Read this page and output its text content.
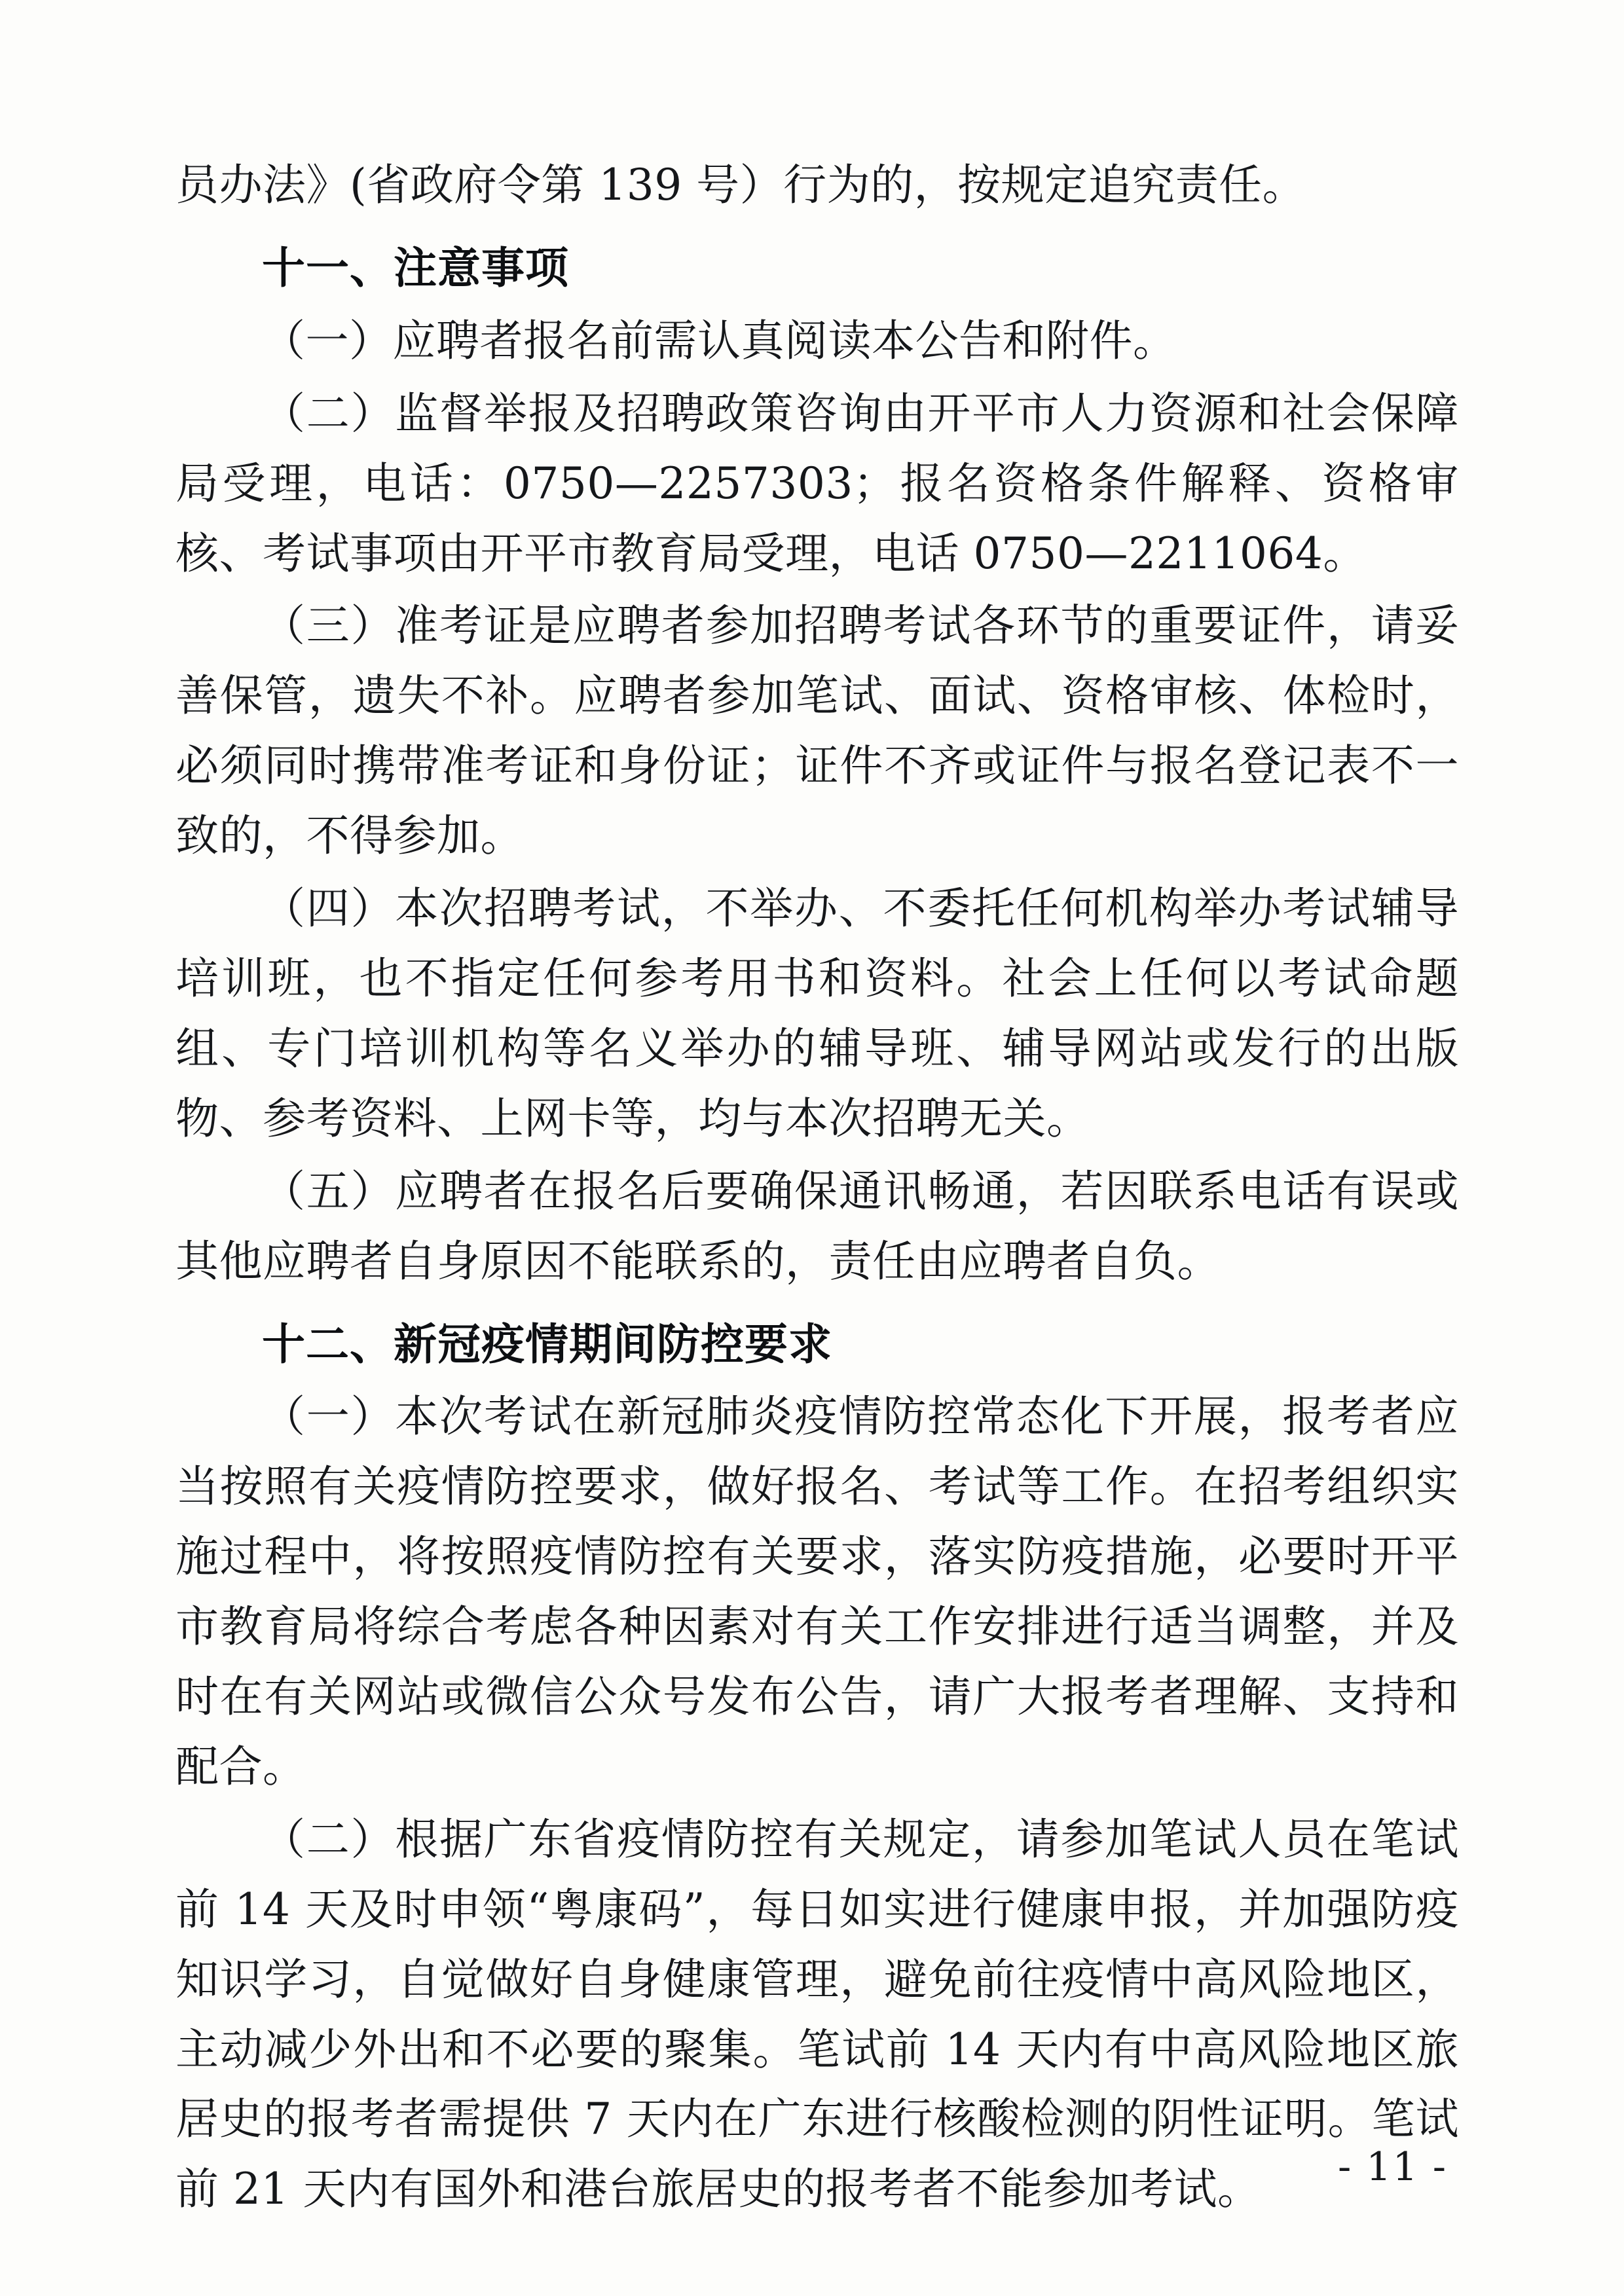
员办法》(省政府令第 139 号）行为的，按规定追究责任。

十一、注意事项

（一）应聘者报名前需认真阅读本公告和附件。

（二）监督举报及招聘政策咨询由开平市人力资源和社会保障局受理，电话：0750—2257303；报名资格条件解释、资格审核、考试事项由开平市教育局受理，电话 0750—2211064。

（三）准考证是应聘者参加招聘考试各环节的重要证件，请妥善保管，遗失不补。应聘者参加笔试、面试、资格审核、体检时，必须同时携带准考证和身份证；证件不齐或证件与报名登记表不一致的，不得参加。

（四）本次招聘考试，不举办、不委托任何机构举办考试辅导培训班，也不指定任何参考用书和资料。社会上任何以考试命题组、专门培训机构等名义举办的辅导班、辅导网站或发行的出版物、参考资料、上网卡等，均与本次招聘无关。

（五）应聘者在报名后要确保通讯畅通，若因联系电话有误或其他应聘者自身原因不能联系的，责任由应聘者自负。

十二、新冠疫情期间防控要求

（一）本次考试在新冠肺炎疫情防控常态化下开展，报考者应当按照有关疫情防控要求，做好报名、考试等工作。在招考组织实施过程中，将按照疫情防控有关要求，落实防疫措施，必要时开平市教育局将综合考虑各种因素对有关工作安排进行适当调整，并及时在有关网站或微信公众号发布公告，请广大报考者理解、支持和配合。

（二）根据广东省疫情防控有关规定，请参加笔试人员在笔试前 14 天及时申领“粤康码”，每日如实进行健康申报，并加强防疫知识学习，自觉做好自身健康管理，避免前往疫情中高风险地区，主动减少外出和不必要的聚集。笔试前 14 天内有中高风险地区旅居史的报考者需提供 7 天内在广东进行核酸检测的阴性证明。笔试前 21 天内有国外和港台旅居史的报考者不能参加考试。	- 11 -
